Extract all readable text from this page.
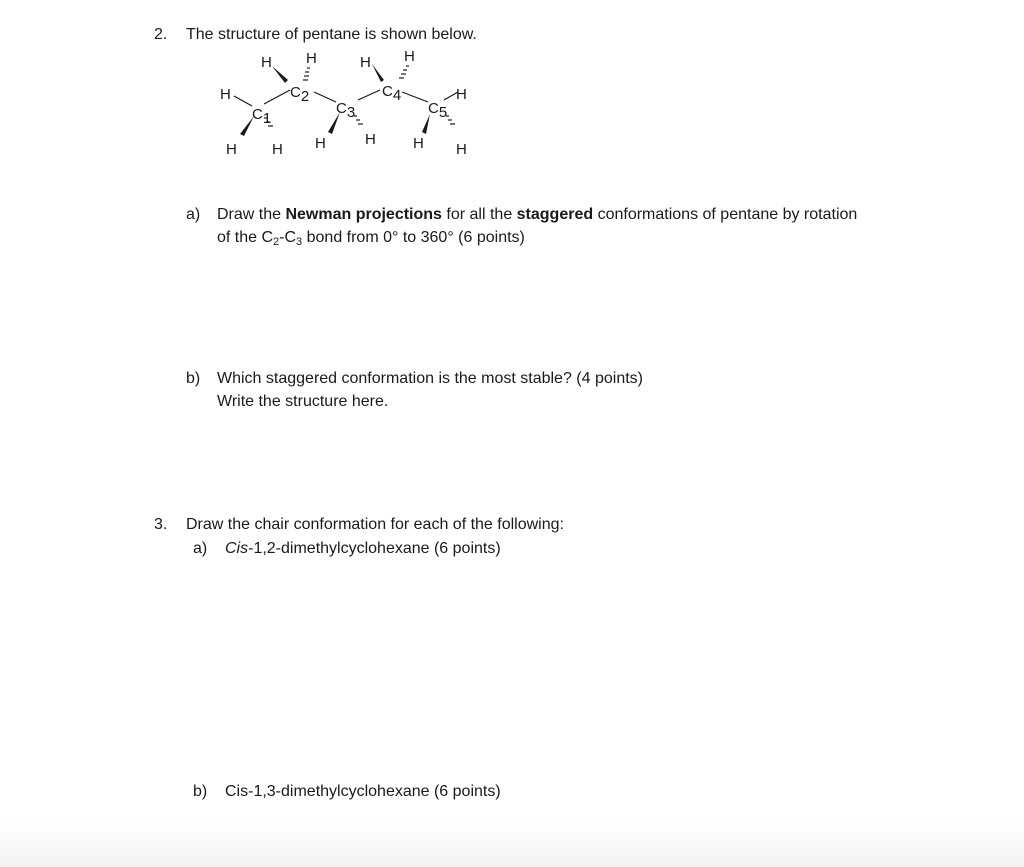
2. The structure of pentane is shown below.
H H	H H
H	H
C1
C2
C3
C4
C5
H H H	H H H
a) Draw the Newman projections for all the staggered conformations of pentane by rotation
of the $C_2-C_3$ bond from 0° to 360° (6 points)
b) Which staggered conformation is the most stable? (4 points)
Write the structure here.
3. Draw the chair conformation for each of the following:
a) Cis-1,2-dimethylcyclohexane (6 points)
b) Cis-1,3-dimethylcyclohexane (6 points)
